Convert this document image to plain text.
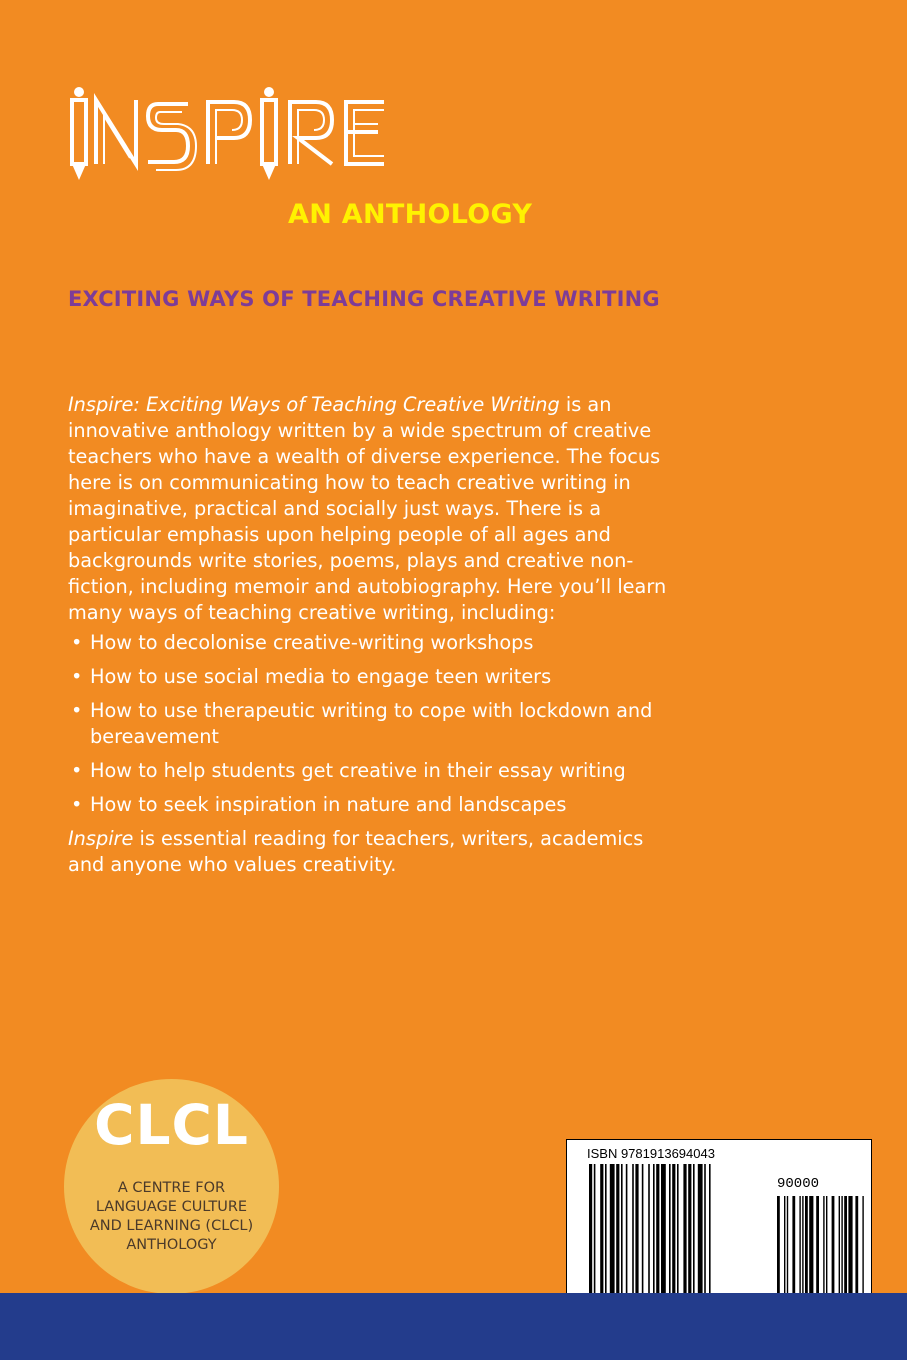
AN ANTHOLOGY
EXCITING WAYS OF TEACHING CREATIVE WRITING

Inspire: Exciting Ways of Teaching Creative Writing is an innovative anthology written by a wide spectrum of creative teachers who have a wealth of diverse experience. The focus here is on communicating how to teach creative writing in imaginative, practical and socially just ways. There is a particular emphasis upon helping people of all ages and backgrounds write stories, poems, plays and creative non-fiction, including memoir and autobiography. Here you’ll learn many ways of teaching creative writing, including:

• How to decolonise creative-writing workshops
• How to use social media to engage teen writers
• How to use therapeutic writing to cope with lockdown and bereavement
• How to help students get creative in their essay writing
• How to seek inspiration in nature and landscapes

Inspire is essential reading for teachers, writers, academics and anyone who values creativity.

CLCL
A CENTRE FOR
LANGUAGE CULTURE
AND LEARNING (CLCL)
ANTHOLOGY
ISBN 9781913694043
90000
